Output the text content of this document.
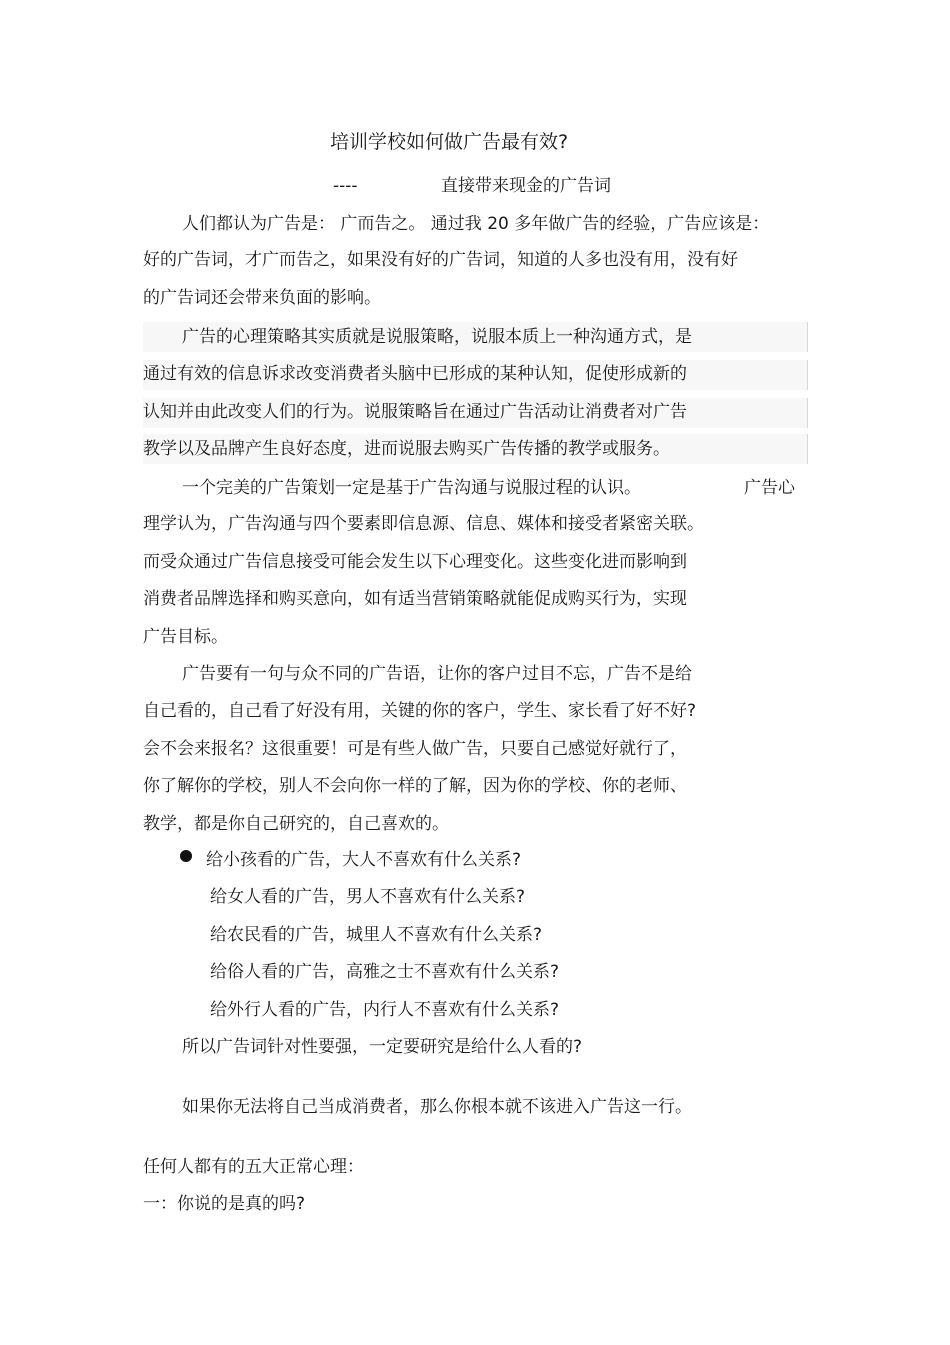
培训学校如何做广告最有效?
----	直接带来现金的广告词
人们都认为广告是： 广而告之。 通过我 20 多年做广告的经验，广告应该是：
好的广告词，才广而告之，如果没有好的广告词，知道的人多也没有用，没有好
的广告词还会带来负面的影响。
广告的心理策略其实质就是说服策略，说服本质上一种沟通方式，是
通过有效的信息诉求改变消费者头脑中已形成的某种认知，促使形成新的
认知并由此改变人们的行为。说服策略旨在通过广告活动让消费者对广告
教学以及品牌产生良好态度，进而说服去购买广告传播的教学或服务。
一个完美的广告策划一定是基于广告沟通与说服过程的认识。	广告心
理学认为，广告沟通与四个要素即信息源、信息、媒体和接受者紧密关联。
而受众通过广告信息接受可能会发生以下心理变化。这些变化进而影响到
消费者品牌选择和购买意向，如有适当营销策略就能促成购买行为，实现
广告目标。
广告要有一句与众不同的广告语，让你的客户过目不忘，广告不是给
自己看的，自己看了好没有用，关键的你的客户，学生、家长看了好不好?
会不会来报名？这很重要！可是有些人做广告，只要自己感觉好就行了，
你了解你的学校，别人不会向你一样的了解，因为你的学校、你的老师、
教学，都是你自己研究的，自己喜欢的。
给小孩看的广告，大人不喜欢有什么关系?
给女人看的广告，男人不喜欢有什么关系?
给农民看的广告，城里人不喜欢有什么关系?
给俗人看的广告，高雅之士不喜欢有什么关系?
给外行人看的广告，内行人不喜欢有什么关系?
所以广告词针对性要强，一定要研究是给什么人看的?
如果你无法将自己当成消费者，那么你根本就不该进入广告这一行。
任何人都有的五大正常心理：
一：你说的是真的吗?
